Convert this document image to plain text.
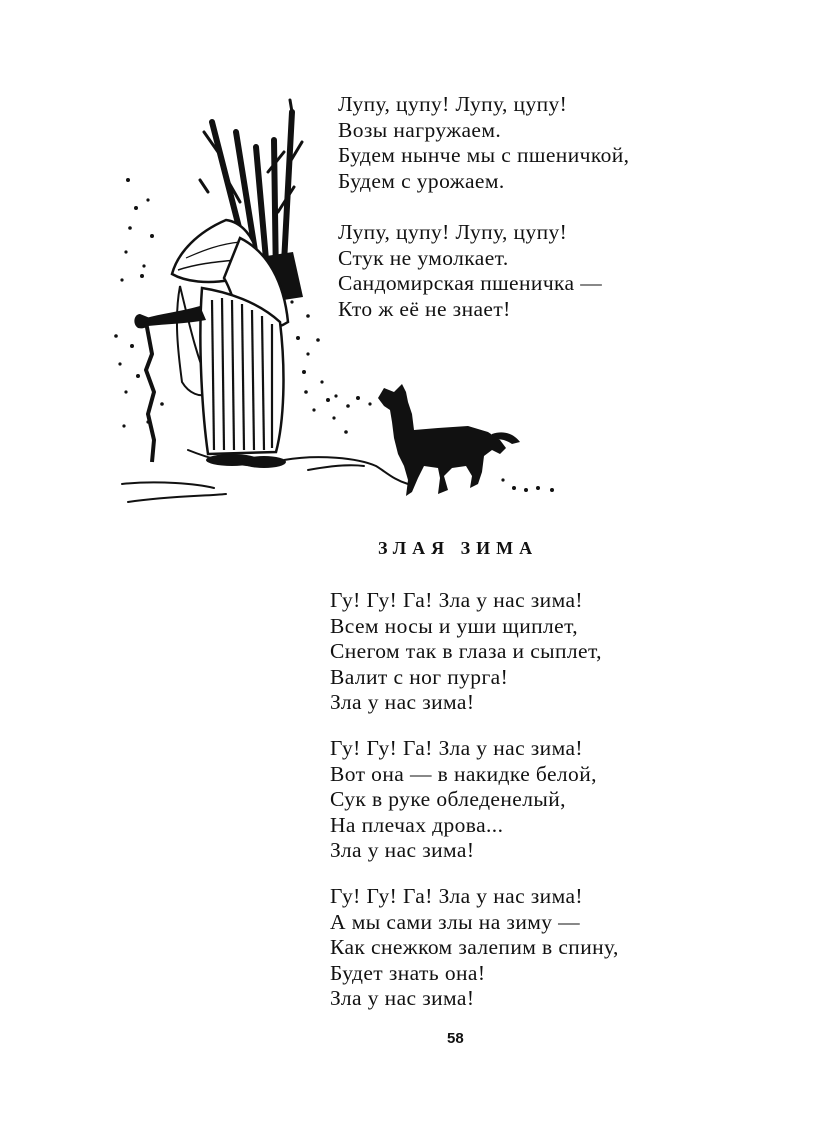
Лупу, цупу! Лупу, цупу!
Возы нагружаем.
Будем нынче мы с пшеничкой,
Будем с урожаем.
Лупу, цупу! Лупу, цупу!
Стук не умолкает.
Сандомирская пшеничка —
Кто ж её не знает!
ЗЛАЯ ЗИМА
Гу! Гу! Га! Зла у нас зима!
Всем носы и уши щиплет,
Снегом так в глаза и сыплет,
Валит с ног пурга!
Зла у нас зима!
Гу! Гу! Га! Зла у нас зима!
Вот она — в накидке белой,
Сук в руке обледенелый,
На плечах дрова...
Зла у нас зима!
Гу! Гу! Га! Зла у нас зима!
А мы сами злы на зиму —
Как снежком залепим в спину,
Будет знать она!
Зла у нас зима!
58
